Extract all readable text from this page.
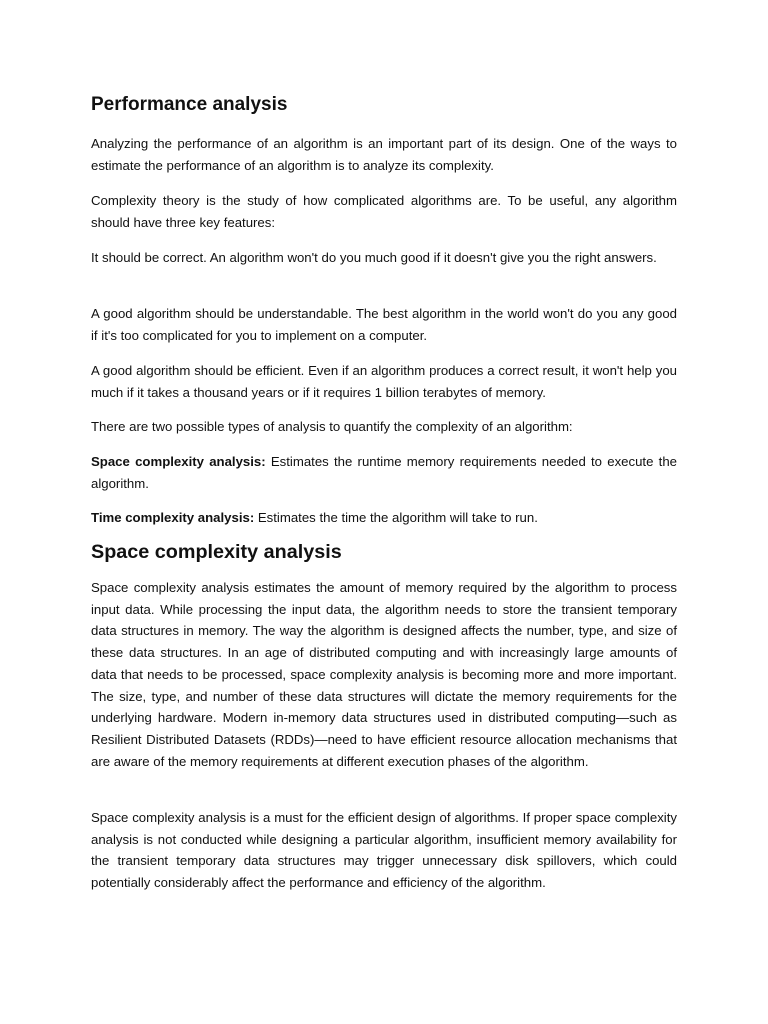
Performance analysis

Analyzing the performance of an algorithm is an important part of its design. One of the ways to estimate the performance of an algorithm is to analyze its complexity.

Complexity theory is the study of how complicated algorithms are. To be useful, any algorithm should have three key features:

It should be correct. An algorithm won't do you much good if it doesn't give you the right answers.

A good algorithm should be understandable. The best algorithm in the world won't do you any good if it's too complicated for you to implement on a computer.

A good algorithm should be efficient. Even if an algorithm produces a correct result, it won't help you much if it takes a thousand years or if it requires 1 billion terabytes of memory.

There are two possible types of analysis to quantify the complexity of an algorithm:

Space complexity analysis: Estimates the runtime memory requirements needed to execute the algorithm.

Time complexity analysis: Estimates the time the algorithm will take to run.

Space complexity analysis

Space complexity analysis estimates the amount of memory required by the algorithm to process input data. While processing the input data, the algorithm needs to store the transient temporary data structures in memory. The way the algorithm is designed affects the number, type, and size of these data structures. In an age of distributed computing and with increasingly large amounts of data that needs to be processed, space complexity analysis is becoming more and more important. The size, type, and number of these data structures will dictate the memory requirements for the underlying hardware. Modern in-memory data structures used in distributed computing—such as Resilient Distributed Datasets (RDDs)—need to have efficient resource allocation mechanisms that are aware of the memory requirements at different execution phases of the algorithm.

Space complexity analysis is a must for the efficient design of algorithms. If proper space complexity analysis is not conducted while designing a particular algorithm, insufficient memory availability for the transient temporary data structures may trigger unnecessary disk spillovers, which could potentially considerably affect the performance and efficiency of the algorithm.
